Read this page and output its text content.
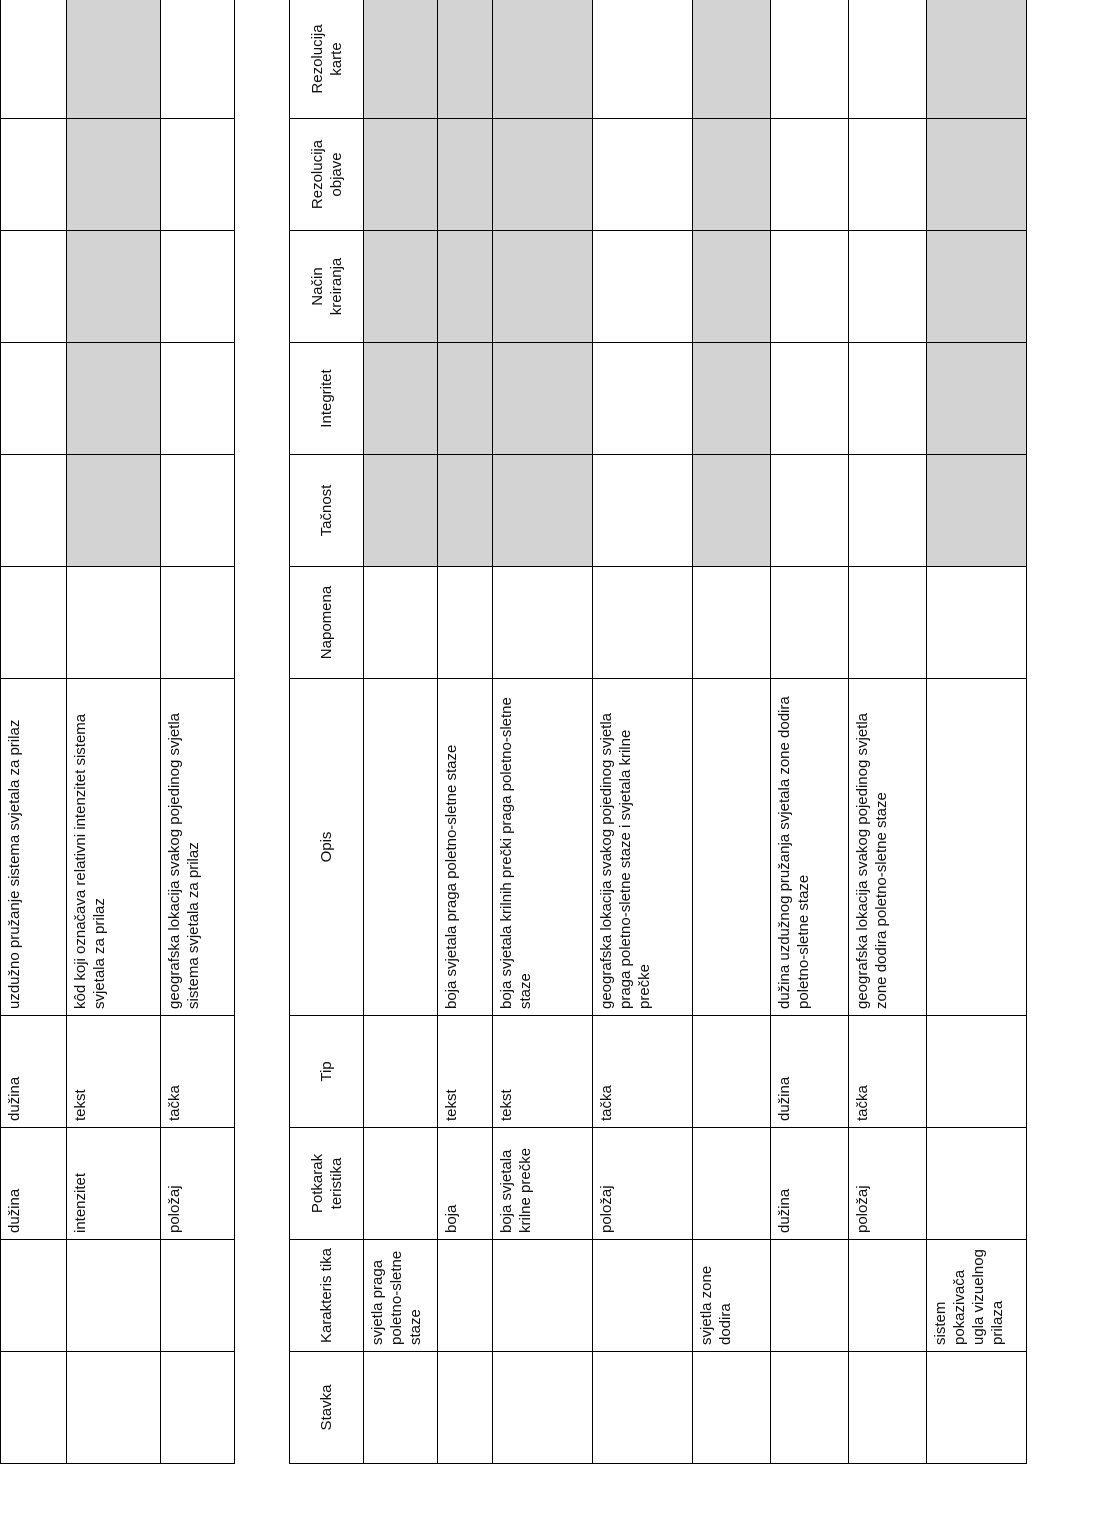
		dužina	dužina	uzdužno pružanje sistema svjetala za prilaz						
		intenzitet	tekst	kôd koji označava relativni intenzitet sistema svjetala za prilaz						
		položaj	tačka	geografska lokacija svakog pojedinog svjetla sistema svjetala za prilaz						
Stavka	Karakteris tika	Potkarak teristika	Tip	Opis	Napomena	Tačnost	Integritet	Način kreiranja	Rezolucija objave	Rezolucija karte
	svjetla praga poletno-sletne staze									
		boja	tekst	boja svjetala praga poletno-sletne staze						
		boja svjetala krilne prečke	tekst	boja svjetala krilnih prečki praga poletno-sletne staze						
		položaj	tačka	geografska lokacija svakog pojedinog svjetla praga poletno-sletne staze i svjetala krilne prečke						
	svjetla zone dodira									
		dužina	dužina	dužina uzdužnog pružanja svjetala zone dodira poletno-sletne staze						
		položaj	tačka	geografska lokacija svakog pojedinog svjetla zone dodira poletno-sletne staze						
	sistem pokazivača ugla vizuelnog prilaza									
